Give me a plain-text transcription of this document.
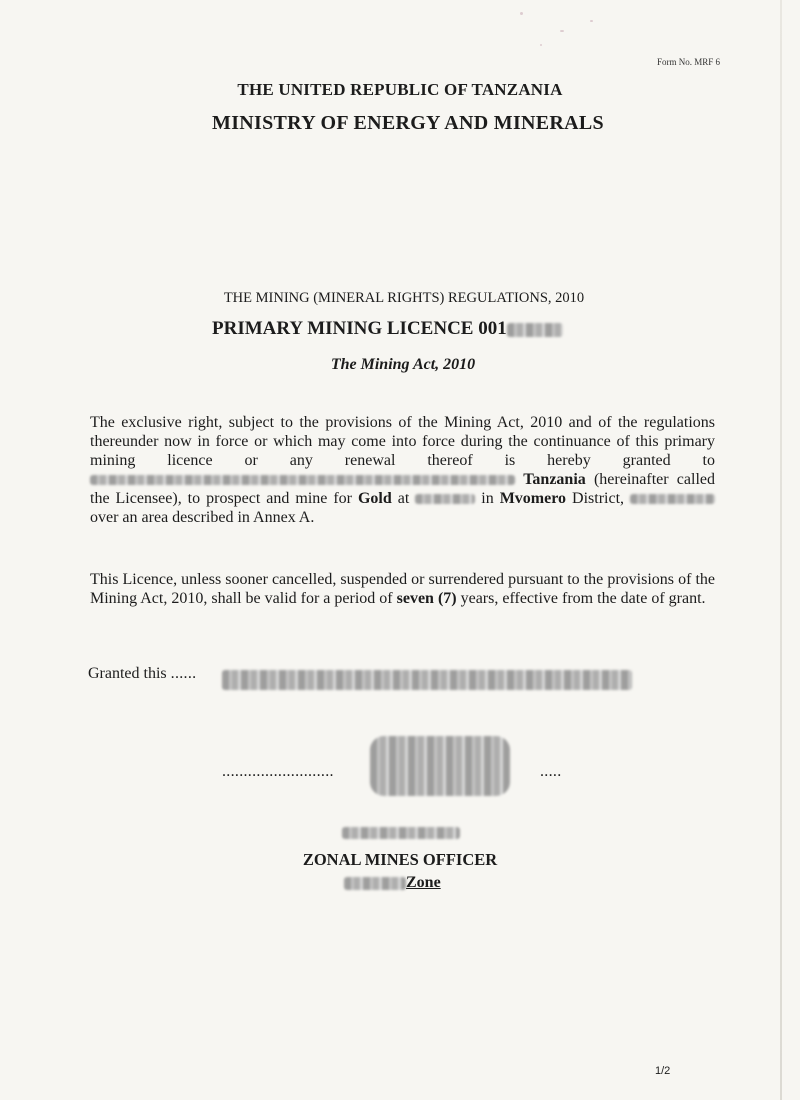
Form No. MRF 6
THE UNITED REPUBLIC OF TANZANIA
MINISTRY OF ENERGY AND MINERALS
THE MINING (MINERAL RIGHTS) REGULATIONS, 2010
PRIMARY MINING LICENCE 001
The Mining Act, 2010
The exclusive right, subject to the provisions of the Mining Act, 2010 and of the regulations thereunder now in force or which may come into force during the continuance of this primary mining licence or any renewal thereof is hereby granted to  Tanzania (hereinafter called the Licensee), to prospect and mine for Gold at	in Mvomero District,  over an area described in Annex A.
This Licence, unless sooner cancelled, suspended or surrendered pursuant to the provisions of the Mining Act, 2010, shall be valid for a period of seven (7) years, effective from the date of grant.
Granted this ......
..........................	.....
ZONAL MINES OFFICER
Zone
1/2
